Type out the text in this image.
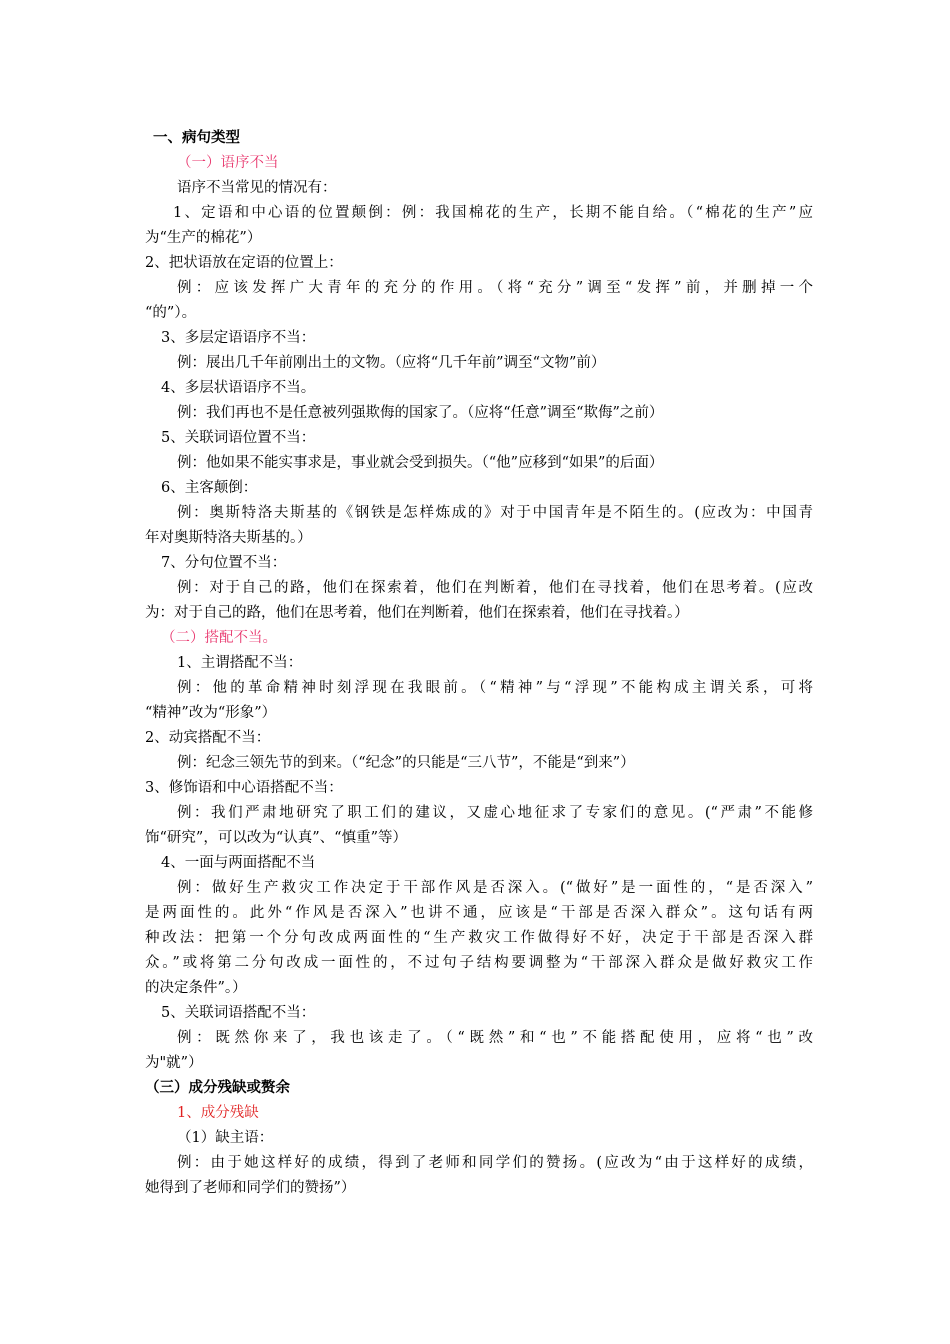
一、病句类型
（一）语序不当
语序不当常见的情况有：
1、定语和中心语的位置颠倒：例：我国棉花的生产，长期不能自给。（“棉花的生产”应
为“生产的棉花”）
2、把状语放在定语的位置上：
例：应该发挥广大青年的充分的作用。（将“充分”调至“发挥”前，并删掉一个
“的”）。
3、多层定语语序不当：
例：展出几千年前刚出土的文物。（应将“几千年前”调至“文物”前）
4、多层状语语序不当。
例：我们再也不是任意被列强欺侮的国家了。（应将“任意”调至“欺侮”之前）
5、关联词语位置不当：
例：他如果不能实事求是，事业就会受到损失。（“他”应移到“如果”的后面）
6、主客颠倒：
例：奥斯特洛夫斯基的《钢铁是怎样炼成的》对于中国青年是不陌生的。(应改为：中国青
年对奥斯特洛夫斯基的。）
7、分句位置不当：
例：对于自己的路，他们在探索着，他们在判断着，他们在寻找着，他们在思考着。(应改
为：对于自己的路，他们在思考着，他们在判断着，他们在探索着，他们在寻找着。）
（二）搭配不当。
1、主谓搭配不当：
例：他的革命精神时刻浮现在我眼前。（“精神”与“浮现”不能构成主谓关系，可将
“精神”改为“形象”）
2、动宾搭配不当：
例：纪念三领先节的到来。（“纪念”的只能是“三八节”，不能是“到来”）
3、修饰语和中心语搭配不当：
例：我们严肃地研究了职工们的建议，又虚心地征求了专家们的意见。(“严肃”不能修
饰“研究”，可以改为“认真”、“慎重”等）
4、一面与两面搭配不当
例：做好生产救灾工作决定于干部作风是否深入。(“做好”是一面性的，“是否深入”
是两面性的。此外“作风是否深入”也讲不通，应该是“干部是否深入群众”。这句话有两
种改法：把第一个分句改成两面性的“生产救灾工作做得好不好，决定于干部是否深入群
众。”或将第二分句改成一面性的，不过句子结构要调整为“干部深入群众是做好救灾工作
的决定条件”。）
5、关联词语搭配不当：
例：既然你来了，我也该走了。（“既然”和“也”不能搭配使用，应将“也”改
为"就”）
（三）成分残缺或赘余
1、成分残缺
（1）缺主语：
例：由于她这样好的成绩，得到了老师和同学们的赞扬。(应改为“由于这样好的成绩，
她得到了老师和同学们的赞扬”）
